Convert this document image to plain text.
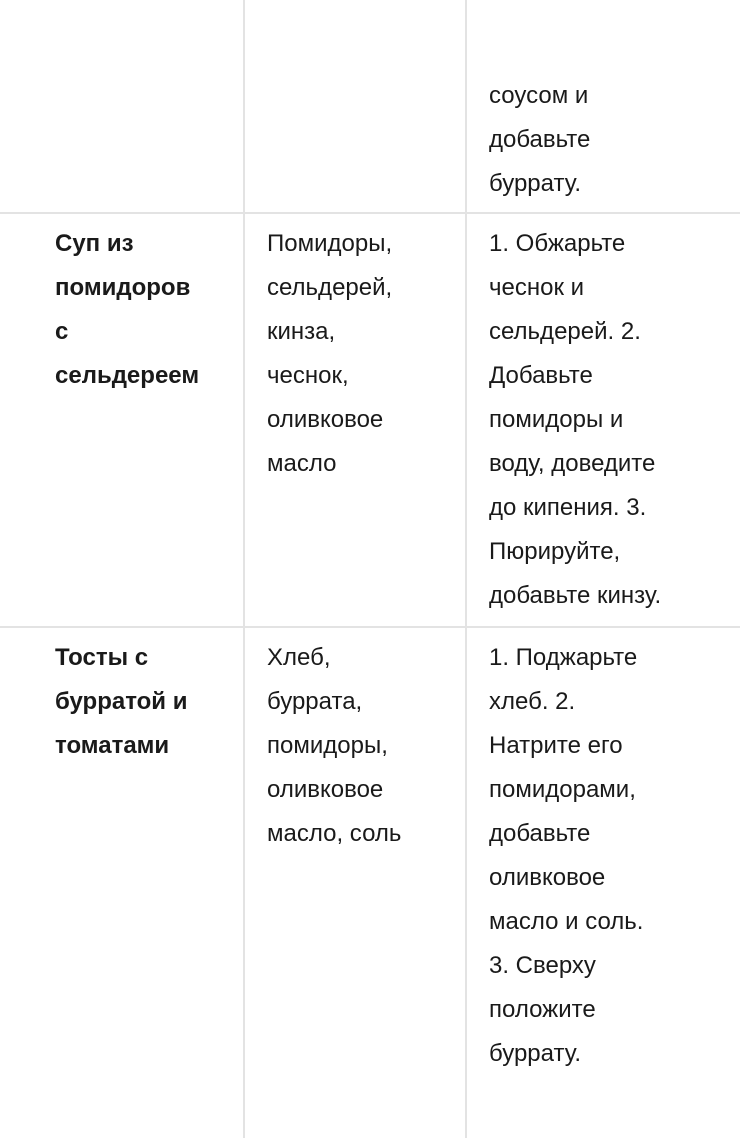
соусом и
добавьте
буррату.
Суп из
помидоров
с
сельдереем
Помидоры,
сельдерей,
кинза,
чеснок,
оливковое
масло
1. Обжарьте
чеснок и
сельдерей. 2.
Добавьте
помидоры и
воду, доведите
до кипения. 3.
Пюрируйте,
добавьте кинзу.
Тосты с
бурратой и
томатами
Хлеб,
буррата,
помидоры,
оливковое
масло, соль
1. Поджарьте
хлеб. 2.
Натрите его
помидорами,
добавьте
оливковое
масло и соль.
3. Сверху
положите
буррату.
